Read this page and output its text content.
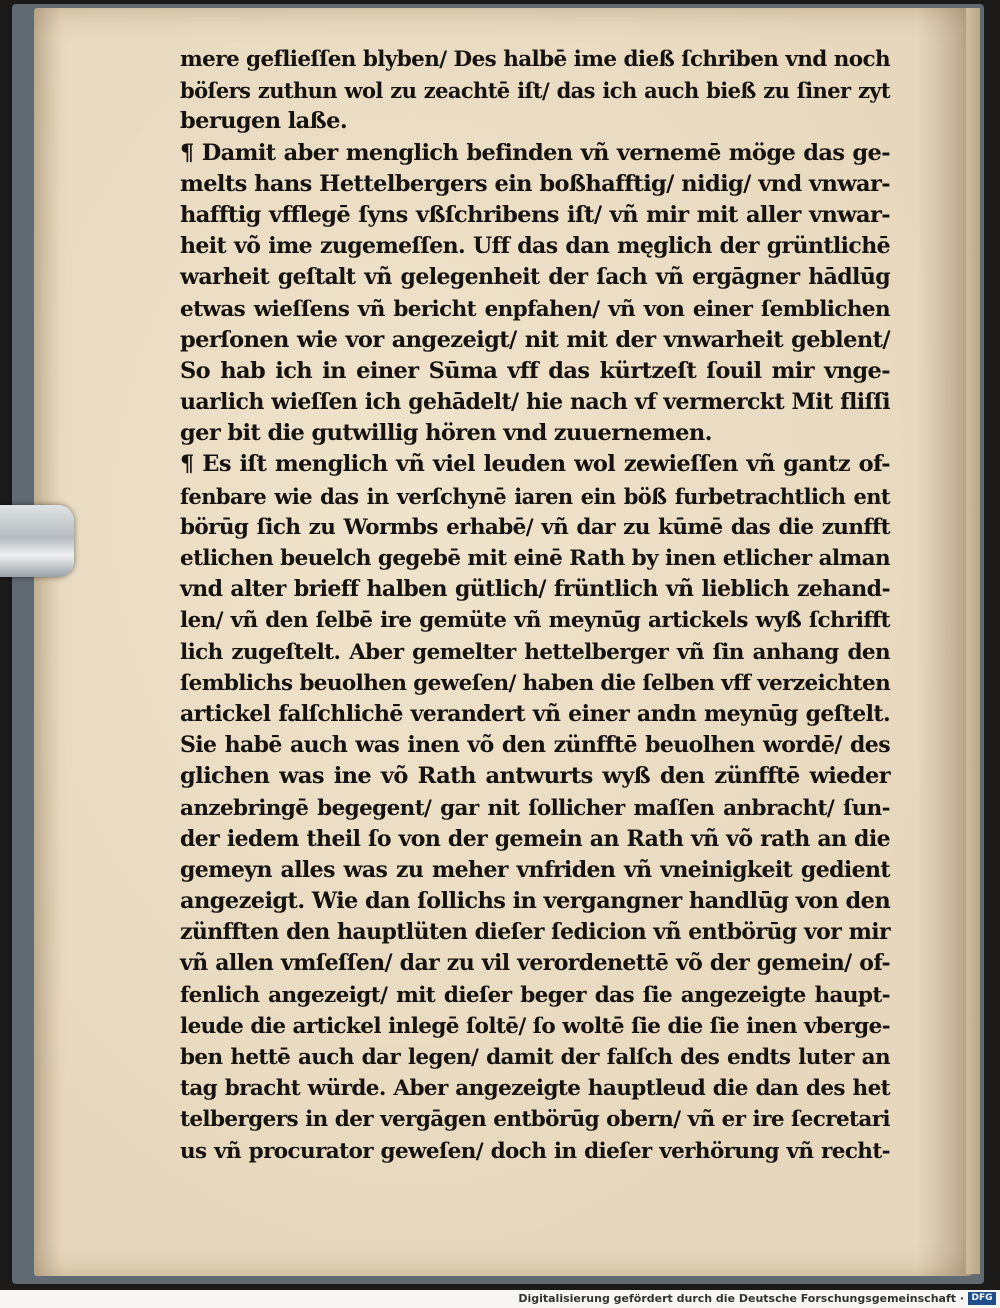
mere geflieſſen blyben/ Des halbē ime dieß ſchriben vnd noch
böſers zuthun wol zu zeachtē iſt/ das ich auch bieß zu ſiner zyt
berugen laße.
¶ Damit aber menglich befinden vñ vernemē möge das ge-
melts hans Hettelbergers ein boßhafftig/ nidig/ vnd vnwar-
hafftig vfflegē ſyns vßſchribens iſt/ vñ mir mit aller vnwar-
heit võ ime zugemeſſen. Uff das dan męglich der grüntlichē
warheit geſtalt vñ gelegenheit der ſach vñ ergāgner hādlūg
etwas wieſſens vñ bericht enpfahen/ vñ von einer ſemblichen
perſonen wie vor angezeigt/ nit mit der vnwarheit geblent/
So hab ich in einer Sūma vff das kürtzeſt ſouil mir vnge-
uarlich wieſſen ich gehādelt/ hie nach vf vermerckt Mit fliſſi
ger bit die gutwillig hören vnd zuuernemen.
¶ Es iſt menglich vñ viel leuden wol zewieſſen vñ gantz of-
fenbare wie das in verſchynē iaren ein böß furbetrachtlich ent
börūg ſich zu Wormbs erhabē/ vñ dar zu kūmē das die zunfft
etlichen beuelch gegebē mit einē Rath by inen etlicher alman
vnd alter brieff halben gütlich/ früntlich vñ lieblich zehand-
len/ vñ den ſelbē ire gemüte vñ meynūg artickels wyß ſchrifft
lich zugeſtelt. Aber gemelter hettelberger vñ ſin anhang den
ſemblichs beuolhen geweſen/ haben die ſelben vff verzeichten
artickel falſchlichē verandert vñ einer andn meynūg geſtelt.
Sie habē auch was inen võ den zünfftē beuolhen wordē/ des
glichen was ine võ Rath antwurts wyß den zünfftē wieder
anzebringē begegent/ gar nit ſollicher maſſen anbracht/ ſun-
der iedem theil ſo von der gemein an Rath vñ võ rath an die
gemeyn alles was zu meher vnfriden vñ vneinigkeit gedient
angezeigt. Wie dan ſollichs in vergangner handlūg von den
zünfften den hauptlüten dieſer ſedicion vñ entbörūg vor mir
vñ allen vmſeſſen/ dar zu vil verordenettē võ der gemein/ of-
fenlich angezeigt/ mit dieſer beger das ſie angezeigte haupt-
leude die artickel inlegē ſoltē/ ſo woltē ſie die ſie inen vberge-
ben hettē auch dar legen/ damit der falſch des endts luter an
tag bracht würde. Aber angezeigte hauptleud die dan des het
telbergers in der vergāgen entbörūg obern/ vñ er ire ſecretari
us vñ procurator geweſen/ doch in dieſer verhörung vñ recht-
Digitalisierung gefördert durch die Deutsche Forschungsgemeinschaft · DFG
